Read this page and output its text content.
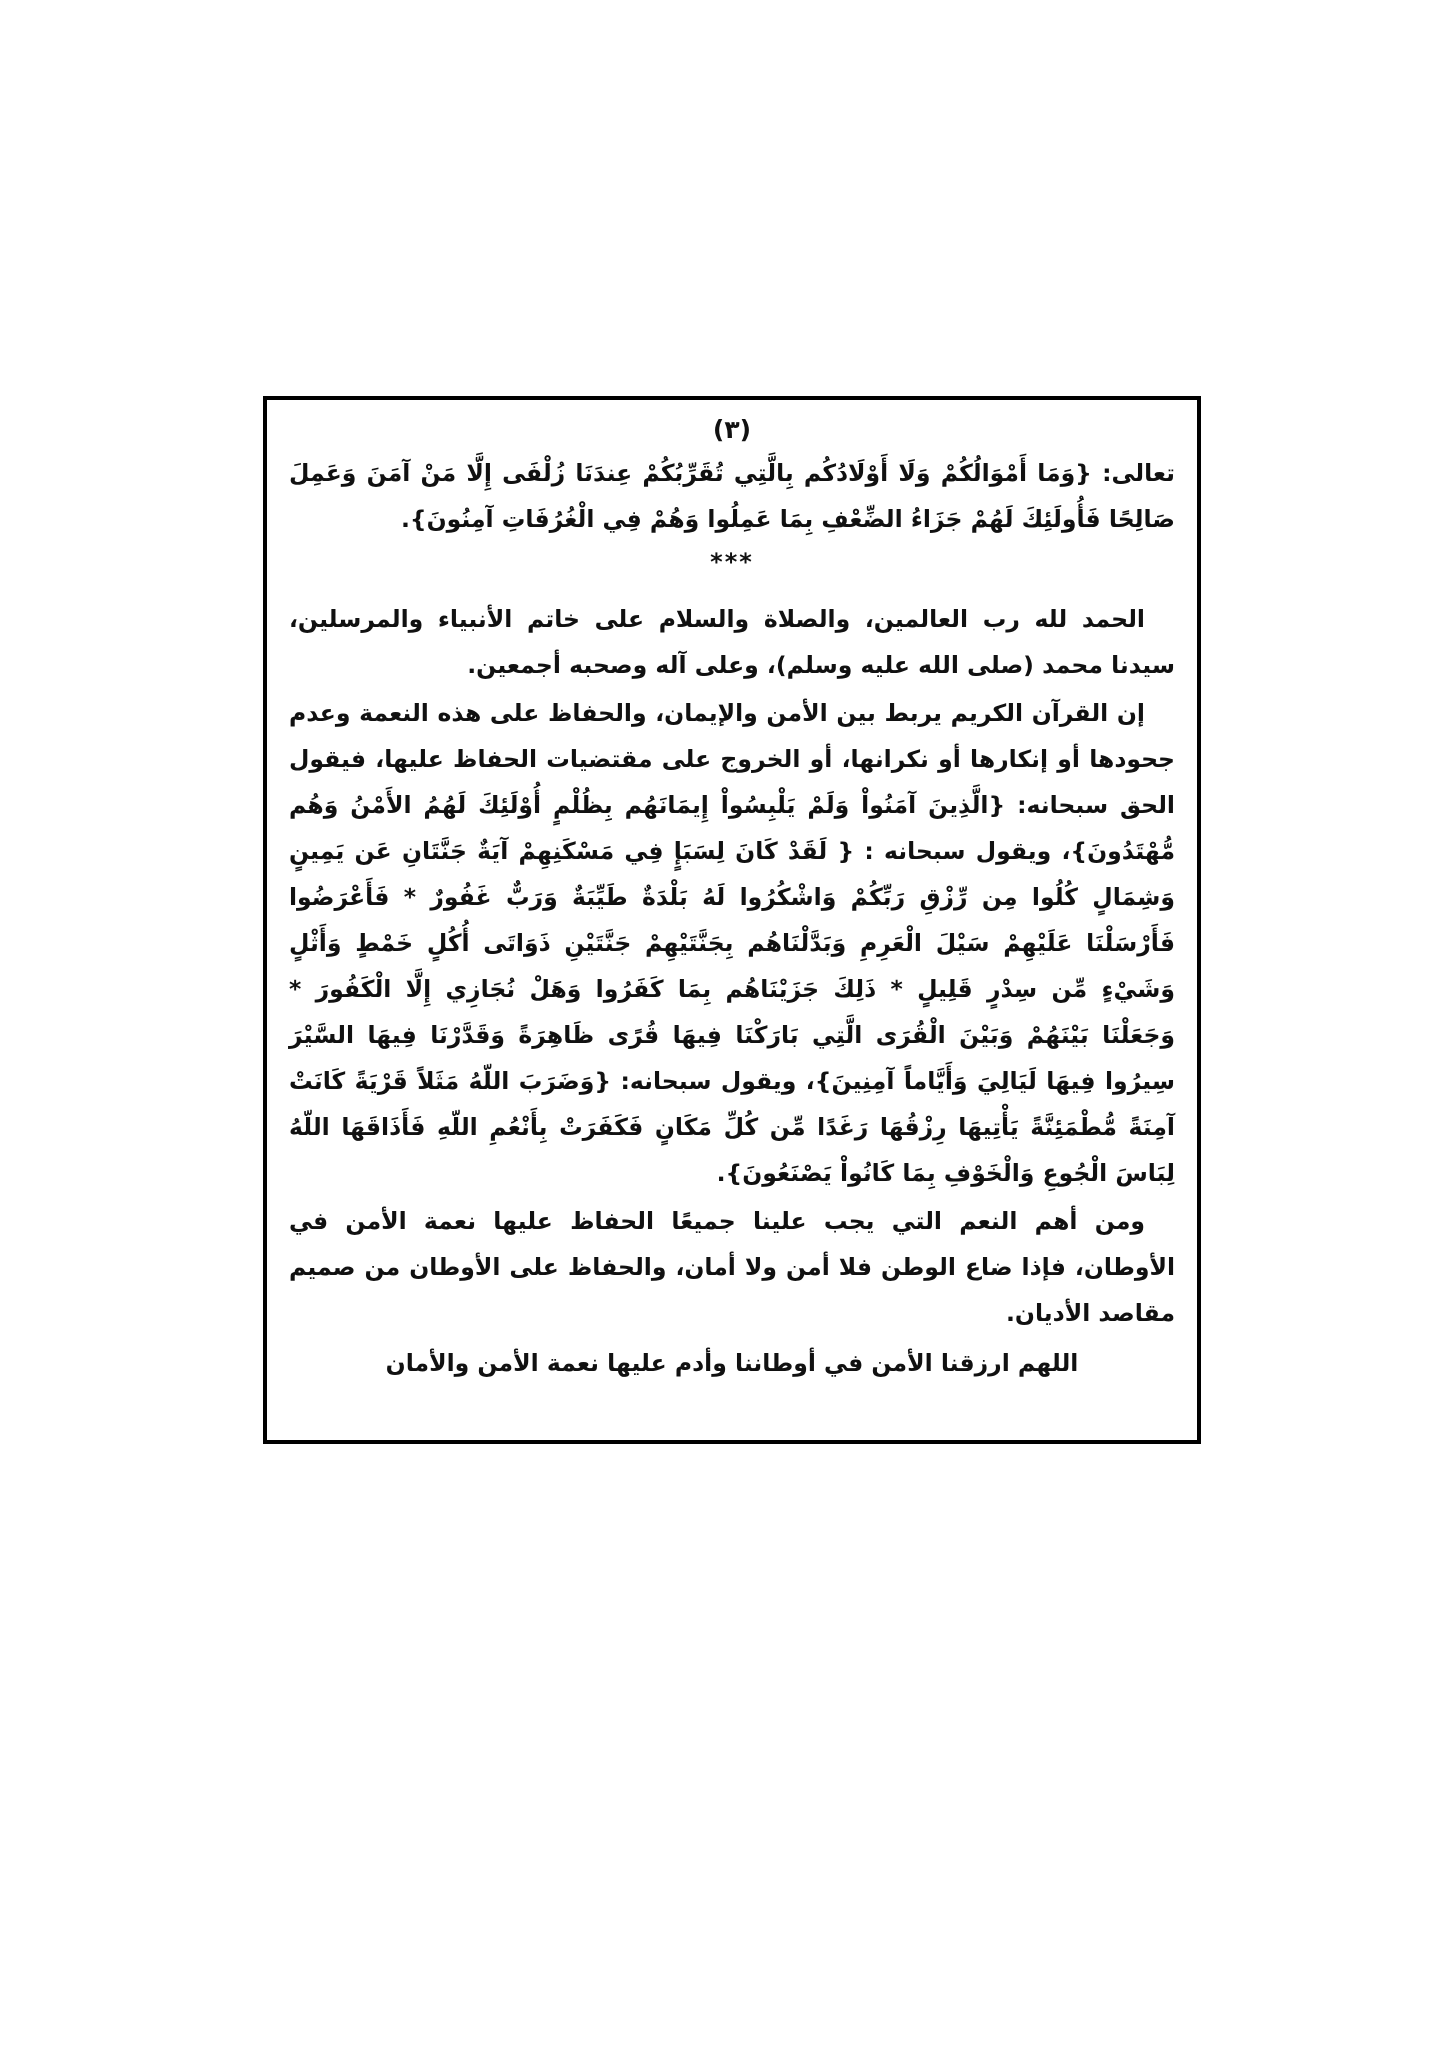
(٣)

تعالى: {وَمَا أَمْوَالُكُمْ وَلَا أَوْلَادُكُم بِالَّتِي تُقَرِّبُكُمْ عِندَنَا زُلْفَى إِلَّا مَنْ آمَنَ وَعَمِلَ صَالِحًا فَأُولَئِكَ لَهُمْ جَزَاءُ الضِّعْفِ بِمَا عَمِلُوا وَهُمْ فِي الْغُرُفَاتِ آمِنُونَ}.

***

الحمد لله رب العالمين، والصلاة والسلام على خاتم الأنبياء والمرسلين، سيدنا محمد (صلى الله عليه وسلم)، وعلى آله وصحبه أجمعين.

إن القرآن الكريم يربط بين الأمن والإيمان، والحفاظ على هذه النعمة وعدم جحودها أو إنكارها أو نكرانها، أو الخروج على مقتضيات الحفاظ عليها، فيقول الحق سبحانه: {الَّذِينَ آمَنُواْ وَلَمْ يَلْبِسُواْ إِيمَانَهُم بِظُلْمٍ أُوْلَئِكَ لَهُمُ الأَمْنُ وَهُم مُّهْتَدُونَ}، ويقول سبحانه : { لَقَدْ كَانَ لِسَبَإٍ فِي مَسْكَنِهِمْ آيَةٌ جَنَّتَانِ عَن يَمِينٍ وَشِمَالٍ كُلُوا مِن رِّزْقِ رَبِّكُمْ وَاشْكُرُوا لَهُ بَلْدَةٌ طَيِّبَةٌ وَرَبٌّ غَفُورٌ * فَأَعْرَضُوا فَأَرْسَلْنَا عَلَيْهِمْ سَيْلَ الْعَرِمِ وَبَدَّلْنَاهُم بِجَنَّتَيْهِمْ جَنَّتَيْنِ ذَوَاتَى أُكُلٍ خَمْطٍ وَأَثْلٍ وَشَيْءٍ مِّن سِدْرٍ قَلِيلٍ * ذَلِكَ جَزَيْنَاهُم بِمَا كَفَرُوا وَهَلْ نُجَازِي إِلَّا الْكَفُورَ * وَجَعَلْنَا بَيْنَهُمْ وَبَيْنَ الْقُرَى الَّتِي بَارَكْنَا فِيهَا قُرًى ظَاهِرَةً وَقَدَّرْنَا فِيهَا السَّيْرَ سِيرُوا فِيهَا لَيَالِيَ وَأَيَّاماً آمِنِينَ}، ويقول سبحانه: {وَضَرَبَ اللّهُ مَثَلاً قَرْيَةً كَانَتْ آمِنَةً مُّطْمَئِنَّةً يَأْتِيهَا رِزْقُهَا رَغَدًا مِّن كُلِّ مَكَانٍ فَكَفَرَتْ بِأَنْعُمِ اللّهِ فَأَذَاقَهَا اللّهُ لِبَاسَ الْجُوعِ وَالْخَوْفِ بِمَا كَانُواْ يَصْنَعُونَ}.

ومن أهم النعم التي يجب علينا جميعًا الحفاظ عليها نعمة الأمن في الأوطان، فإذا ضاع الوطن فلا أمن ولا أمان، والحفاظ على الأوطان من صميم مقاصد الأديان.

اللهم ارزقنا الأمن في أوطاننا وأدم عليها نعمة الأمن والأمان
